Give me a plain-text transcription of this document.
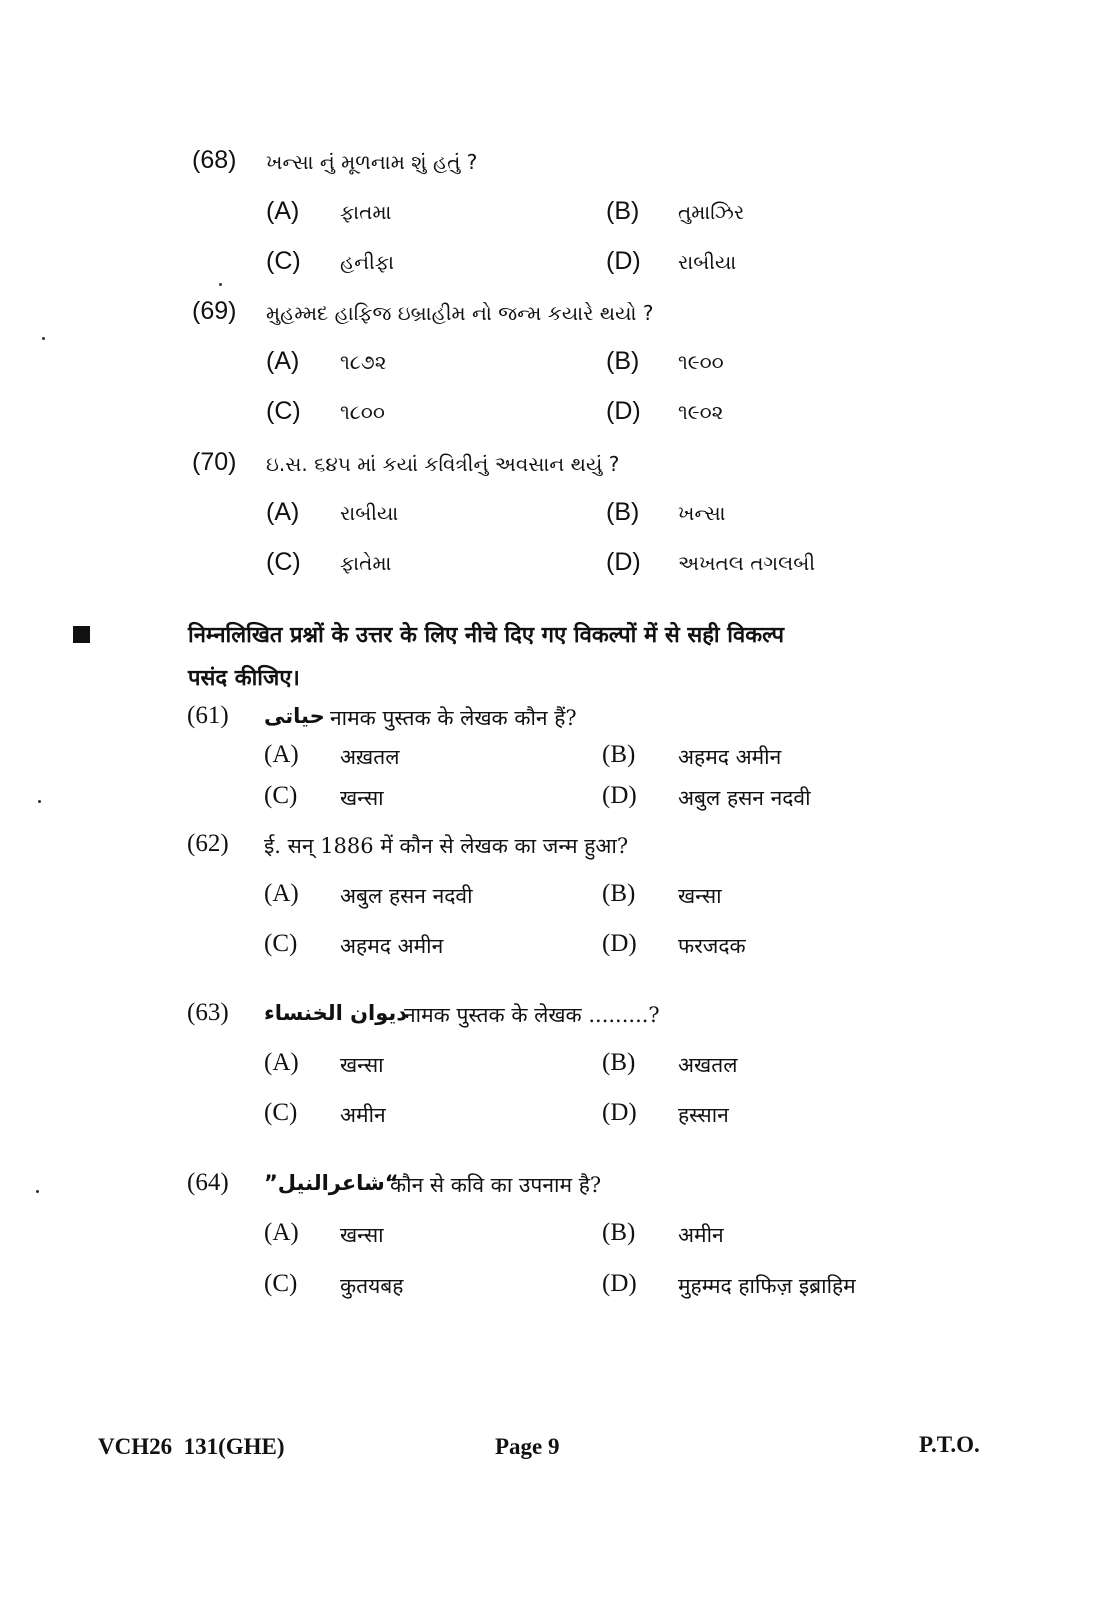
(68) ખન્સા નું મૂળનામ શું હતું ?
(A) ફાતમા	(B) તુમાઝિર
(C) હનીફા	(D) રાબીયા
(69) મુહમ્મદ હાફિજ ઇબ્રાહીમ નો જન્મ કયારે થયો ?
(A) ૧૮૭૨	(B) ૧૯૦૦
(C) ૧૮૦૦	(D) ૧૯૦૨
(70) ઇ.સ. ૬૪૫ માં કયાં કવિત્રીનું અવસાન થયું ?
(A) રાબીયા	(B) ખન્સા
(C) ફાતેમા	(D) અખતલ તગલબી
निम्नलिखित प्रश्नों के उत्तर के लिए नीचे दिए गए विकल्पों में से सही विकल्प
पसंद कीजिए।
(61) حياتى नामक पुस्तक के लेखक कौन हैं?
(A) अख़तल	(B) अहमद अमीन
(C) खन्सा	(D) अबुल हसन नदवी
(62) ई. सन् 1886 में कौन से लेखक का जन्म हुआ?
(A) अबुल हसन नदवी	(B) खन्सा
(C) अहमद अमीन	(D) फरजदक
(63) ديوان الخنساء
नामक पुस्तक के लेखक .........?
(A) खन्सा	(B) अखतल
(C) अमीन	(D) हस्सान
(64) “شاعرالنيل”
कौन से कवि का उपनाम है?
(A) खन्सा	(B) अमीन
(C) कुतयबह	(D) मुहम्मद हाफिज़ इब्राहिम
VCH26  131(GHE)	Page 9	P.T.O.
